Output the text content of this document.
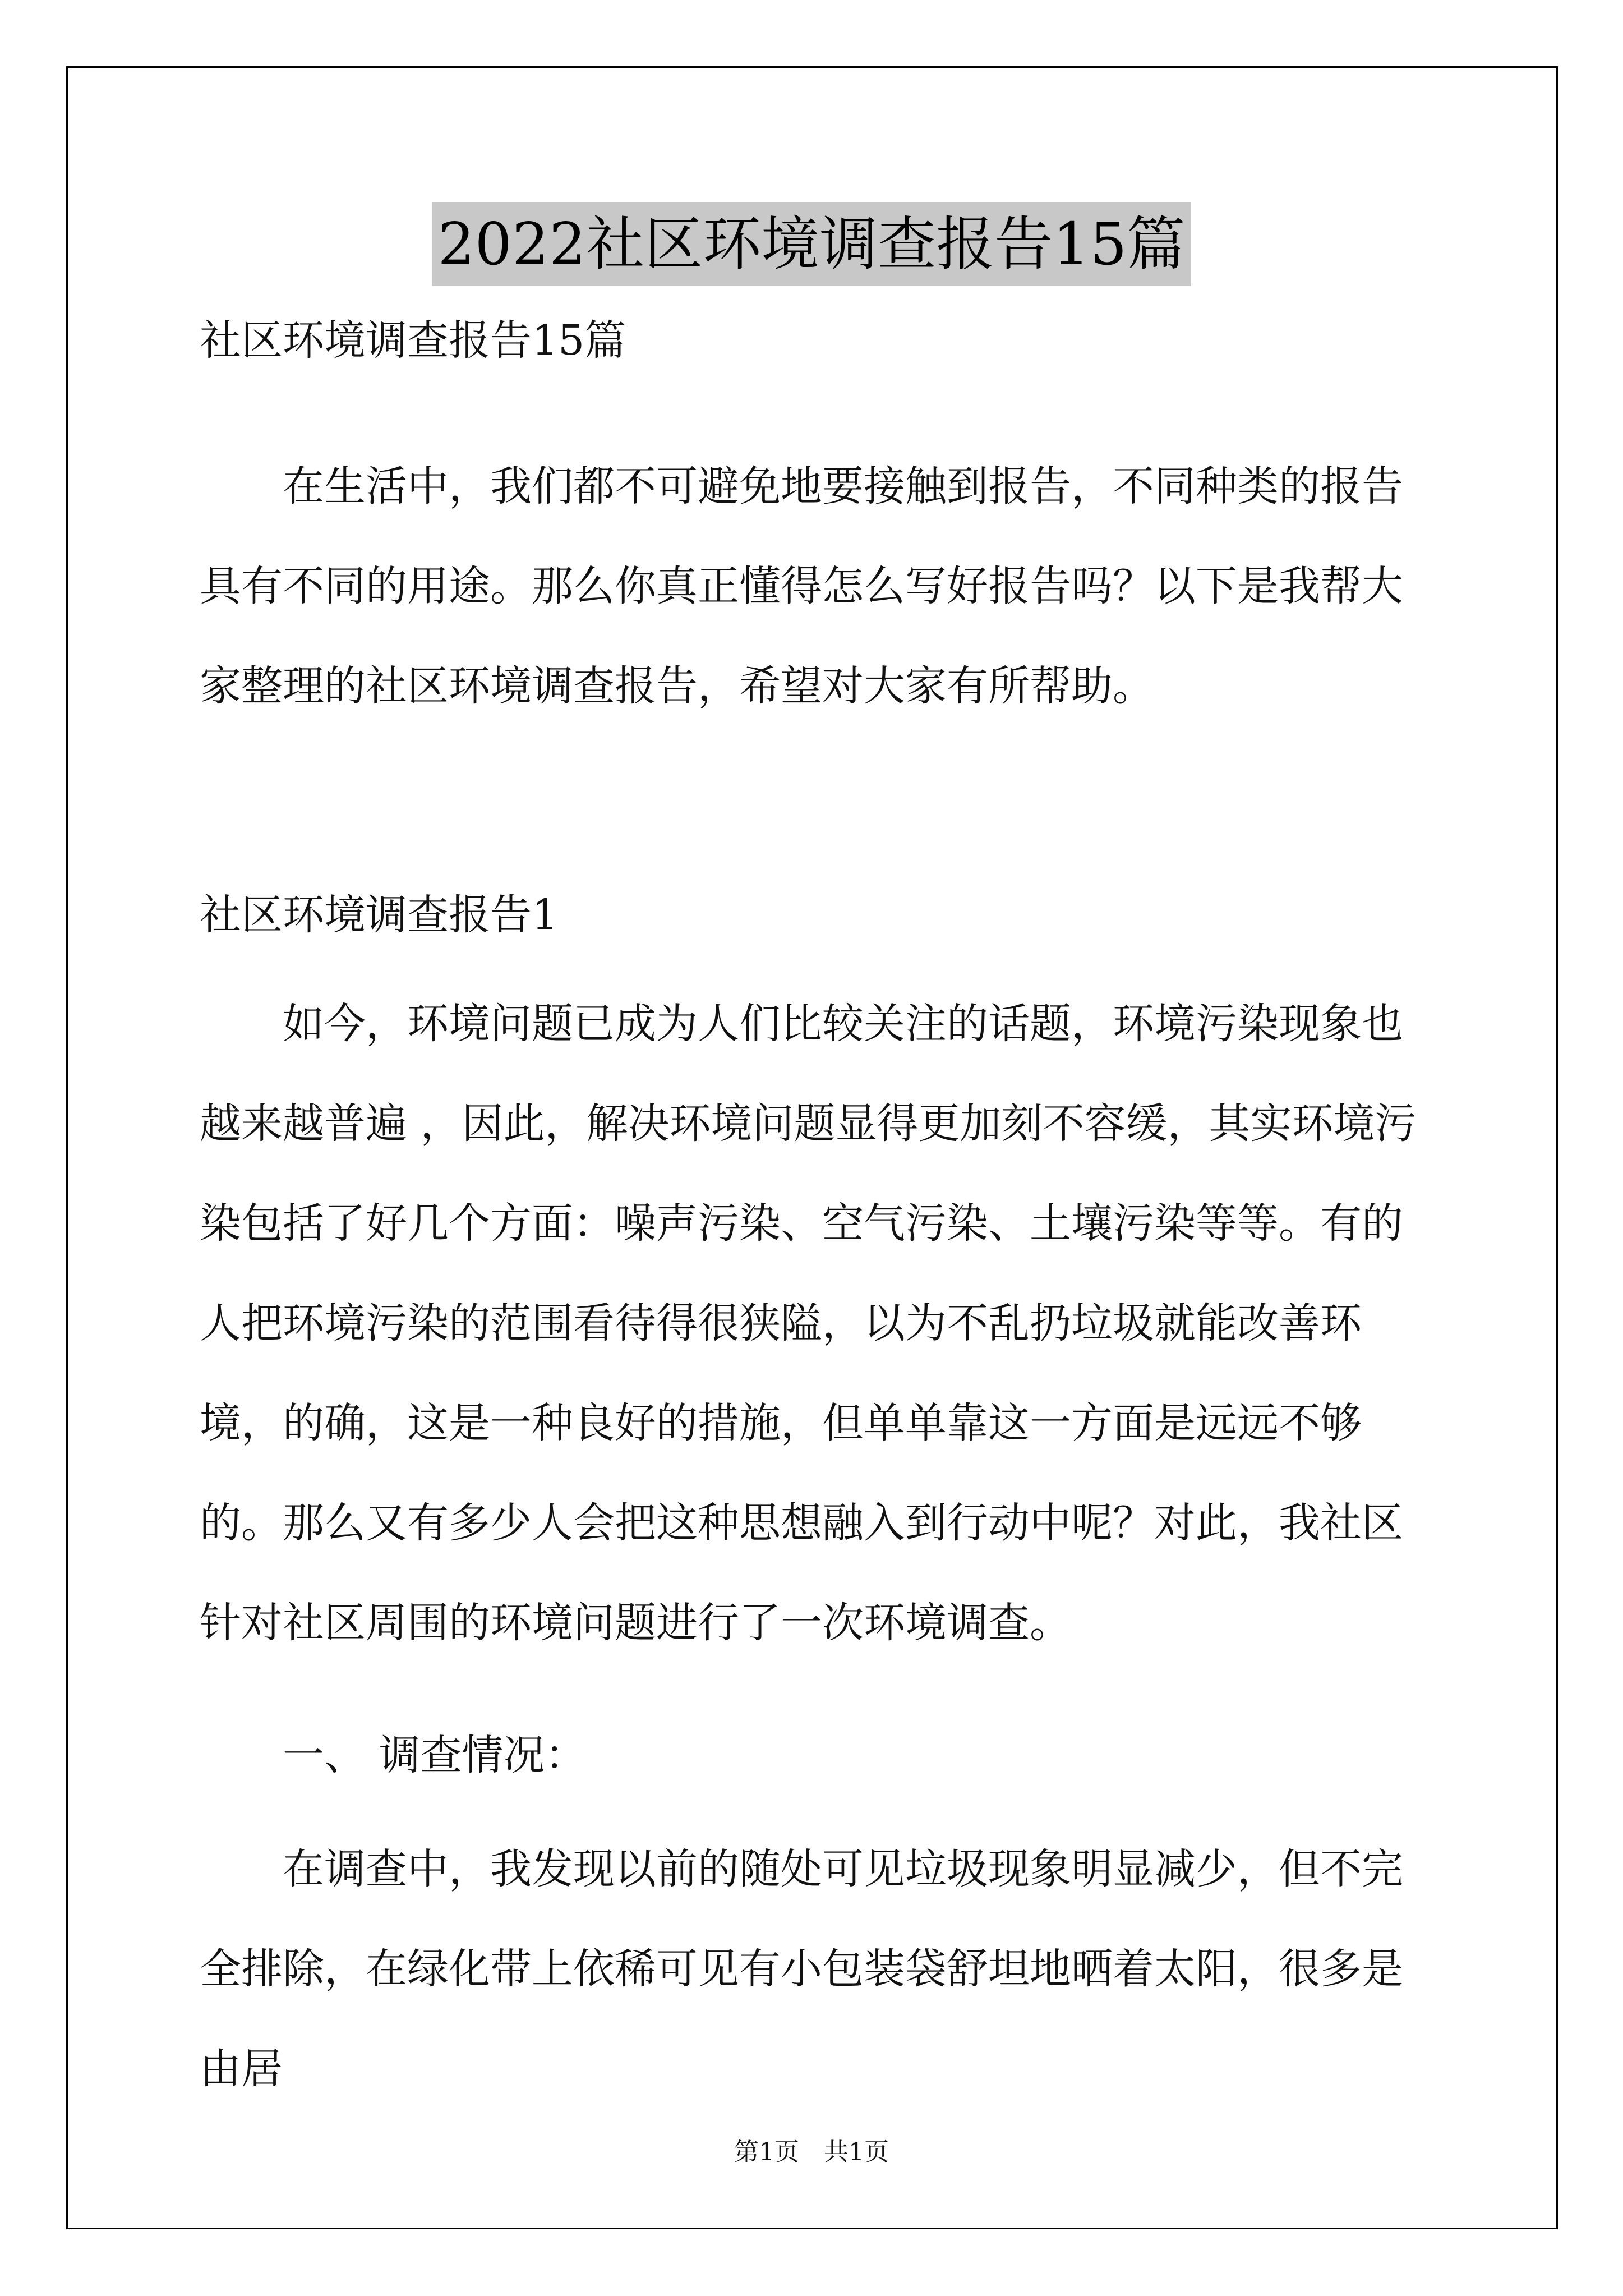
2022社区环境调查报告15篇
社区环境调查报告15篇

在生活中，我们都不可避免地要接触到报告，不同种类的报告具有不同的用途。那么你真正懂得怎么写好报告吗？以下是我帮大家整理的社区环境调查报告，希望对大家有所帮助。

社区环境调查报告1

如今，环境问题已成为人们比较关注的话题，环境污染现象也越来越普遍 ，因此，解决环境问题显得更加刻不容缓，其实环境污染包括了好几个方面：噪声污染、空气污染、土壤污染等等。有的人把环境污染的范围看待得很狭隘，以为不乱扔垃圾就能改善环境，的确，这是一种良好的措施，但单单靠这一方面是远远不够的。那么又有多少人会把这种思想融入到行动中呢？对此，我社区针对社区周围的环境问题进行了一次环境调查。

一、 调查情况：

在调查中，我发现以前的随处可见垃圾现象明显减少，但不完全排除，在绿化带上依稀可见有小包装袋舒坦地晒着太阳，很多是由居

第1页 共1页
